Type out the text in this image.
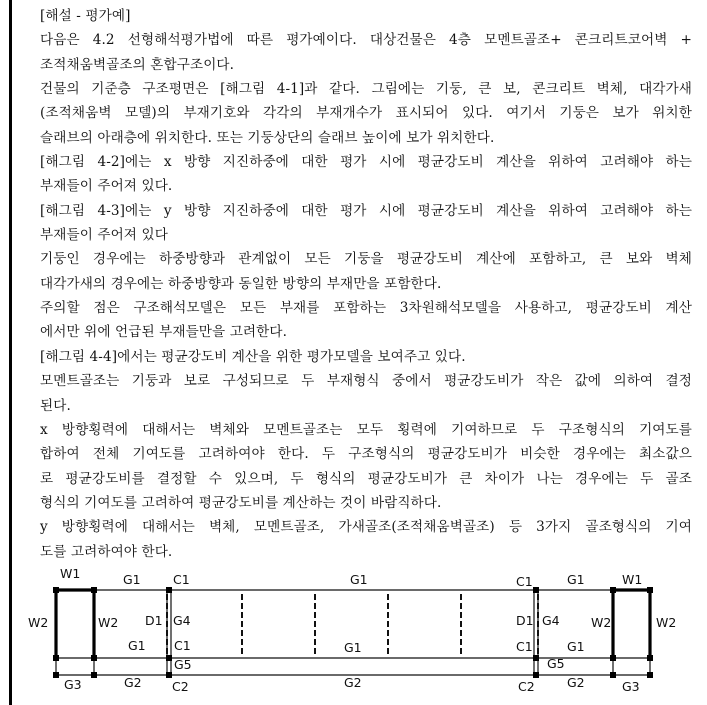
[해설 - 평가예]

다음은 4.2 선형해석평가법에 따른 평가예이다. 대상건물은 4층 모멘트골조+ 콘크리트코어벽 +
조적채움벽골조의 혼합구조이다.

건물의 기준층 구조평면은 [해그림 4-1]과 같다. 그림에는 기둥, 큰 보, 콘크리트 벽체, 대각가새
(조적채움벽 모델)의 부재기호와 각각의 부재개수가 표시되어 있다. 여기서 기둥은 보가 위치한
슬래브의 아래층에 위치한다. 또는 기둥상단의 슬래브 높이에 보가 위치한다.

[해그림 4-2]에는 x 방향 지진하중에 대한 평가 시에 평균강도비 계산을 위하여 고려해야 하는
부재들이 주어져 있다.

[해그림 4-3]에는 y 방향 지진하중에 대한 평가 시에 평균강도비 계산을 위하여 고려해야 하는
부재들이 주어져 있다

기둥인 경우에는 하중방향과 관계없이 모든 기둥을 평균강도비 계산에 포함하고, 큰 보와 벽체
대각가새의 경우에는 하중방향과 동일한 방향의 부재만을 포함한다.

주의할 점은 구조해석모델은 모든 부재를 포함하는 3차원해석모델을 사용하고, 평균강도비 계산
에서만 위에 언급된 부재들만을 고려한다.

[해그림 4-4]에서는 평균강도비 계산을 위한 평가모델을 보여주고 있다.

모멘트골조는 기둥과 보로 구성되므로 두 부재형식 중에서 평균강도비가 작은 값에 의하여 결정
된다.

x 방향횡력에 대해서는 벽체와 모멘트골조는 모두 횡력에 기여하므로 두 구조형식의 기여도를
합하여 전체 기여도를 고려하여야 한다. 두 구조형식의 평균강도비가 비슷한 경우에는 최소값으
로 평균강도비를 결정할 수 있으며, 두 형식의 평균강도비가 큰 차이가 나는 경우에는 두 골조
형식의 기여도를 고려하여 평균강도비를 계산하는 것이 바람직하다.

y 방향횡력에 대해서는 벽체, 모멘트골조, 가새골조(조적채움벽골조) 등 3가지 골조형식의 기여
도를 고려하여야 한다.

W1
W2	W2
G1	C1	G1	C1	G1	W1
D1 G4
G1 C1	G1
D1 G4
C1	G1
W2	W2
G5	G5
G3	G2 C2	G2	C2	G2	G3
